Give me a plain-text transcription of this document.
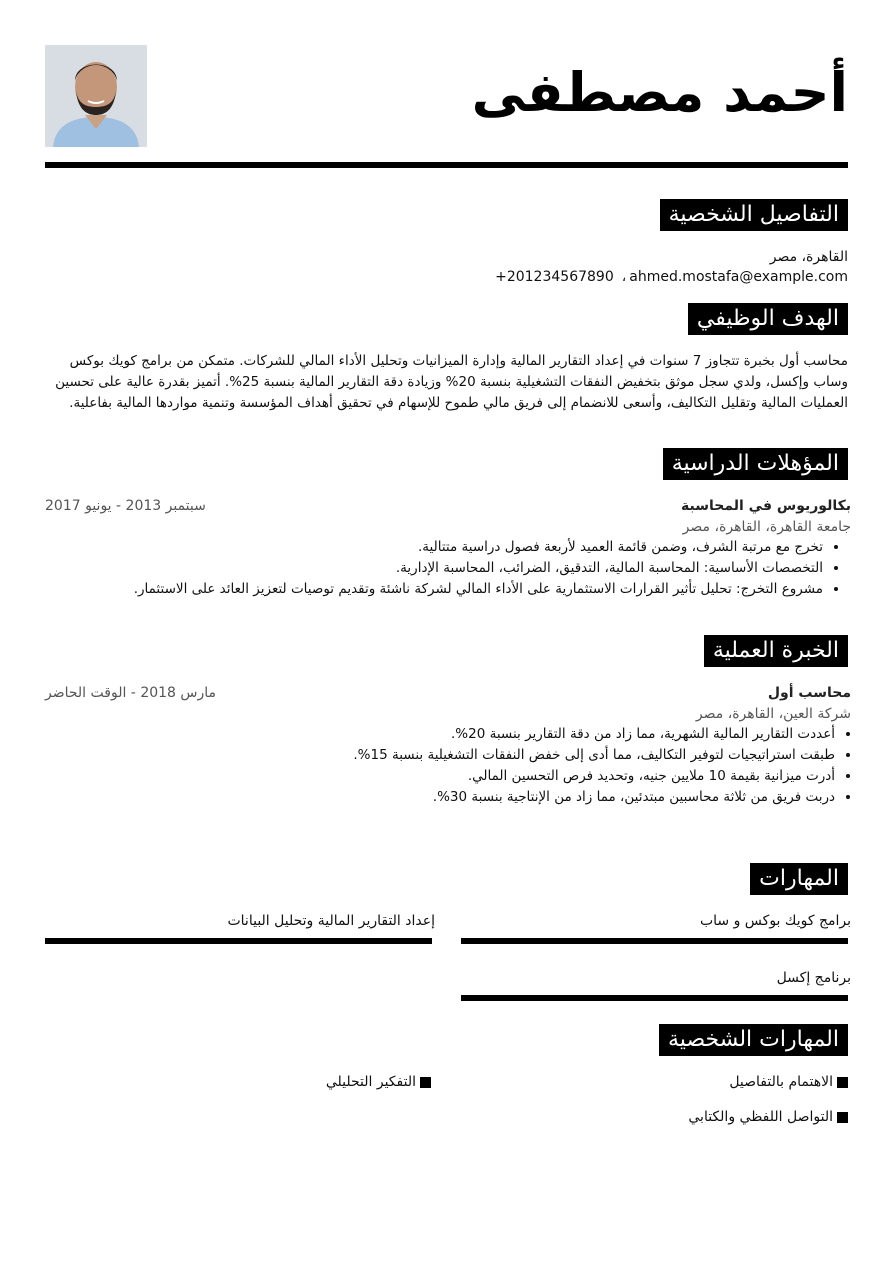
أحمد مصطفى
التفاصيل الشخصية
القاهرة، مصر
+201234567890 ، ahmed.mostafa@example.com
الهدف الوظيفي
محاسب أول بخبرة تتجاوز 7 سنوات في إعداد التقارير المالية وإدارة الميزانيات وتحليل الأداء المالي للشركات. متمكن من برامج كويك بوكس وساب وإكسل، ولدي سجل موثق بتخفيض النفقات التشغيلية بنسبة 20% وزيادة دقة التقارير المالية بنسبة 25%. أتميز بقدرة عالية على تحسين العمليات المالية وتقليل التكاليف، وأسعى للانضمام إلى فريق مالي طموح للإسهام في تحقيق أهداف المؤسسة وتنمية مواردها المالية بفاعلية.
المؤهلات الدراسية
بكالوريوس في المحاسبة
سبتمبر 2013 - يونيو 2017
جامعة القاهرة، القاهرة، مصر
• تخرج مع مرتبة الشرف، وضمن قائمة العميد لأربعة فصول دراسية متتالية.
• التخصصات الأساسية: المحاسبة المالية، التدقيق، الضرائب، المحاسبة الإدارية.
• مشروع التخرج: تحليل تأثير القرارات الاستثمارية على الأداء المالي لشركة ناشئة وتقديم توصيات لتعزيز العائد على الاستثمار.
الخبرة العملية
محاسب أول
مارس 2018 - الوقت الحاضر
شركة العين، القاهرة، مصر
• أعددت التقارير المالية الشهرية، مما زاد من دقة التقارير بنسبة 20%.
• طبقت استراتيجيات لتوفير التكاليف، مما أدى إلى خفض النفقات التشغيلية بنسبة 15%.
• أدرت ميزانية بقيمة 10 ملايين جنيه، وتحديد فرص التحسين المالي.
• دربت فريق من ثلاثة محاسبين مبتدئين، مما زاد من الإنتاجية بنسبة 30%.
المهارات
برامج كويك بوكس و ساب
إعداد التقارير المالية وتحليل البيانات
برنامج إكسل
المهارات الشخصية
الاهتمام بالتفاصيل
التفكير التحليلي
التواصل اللفظي والكتابي
